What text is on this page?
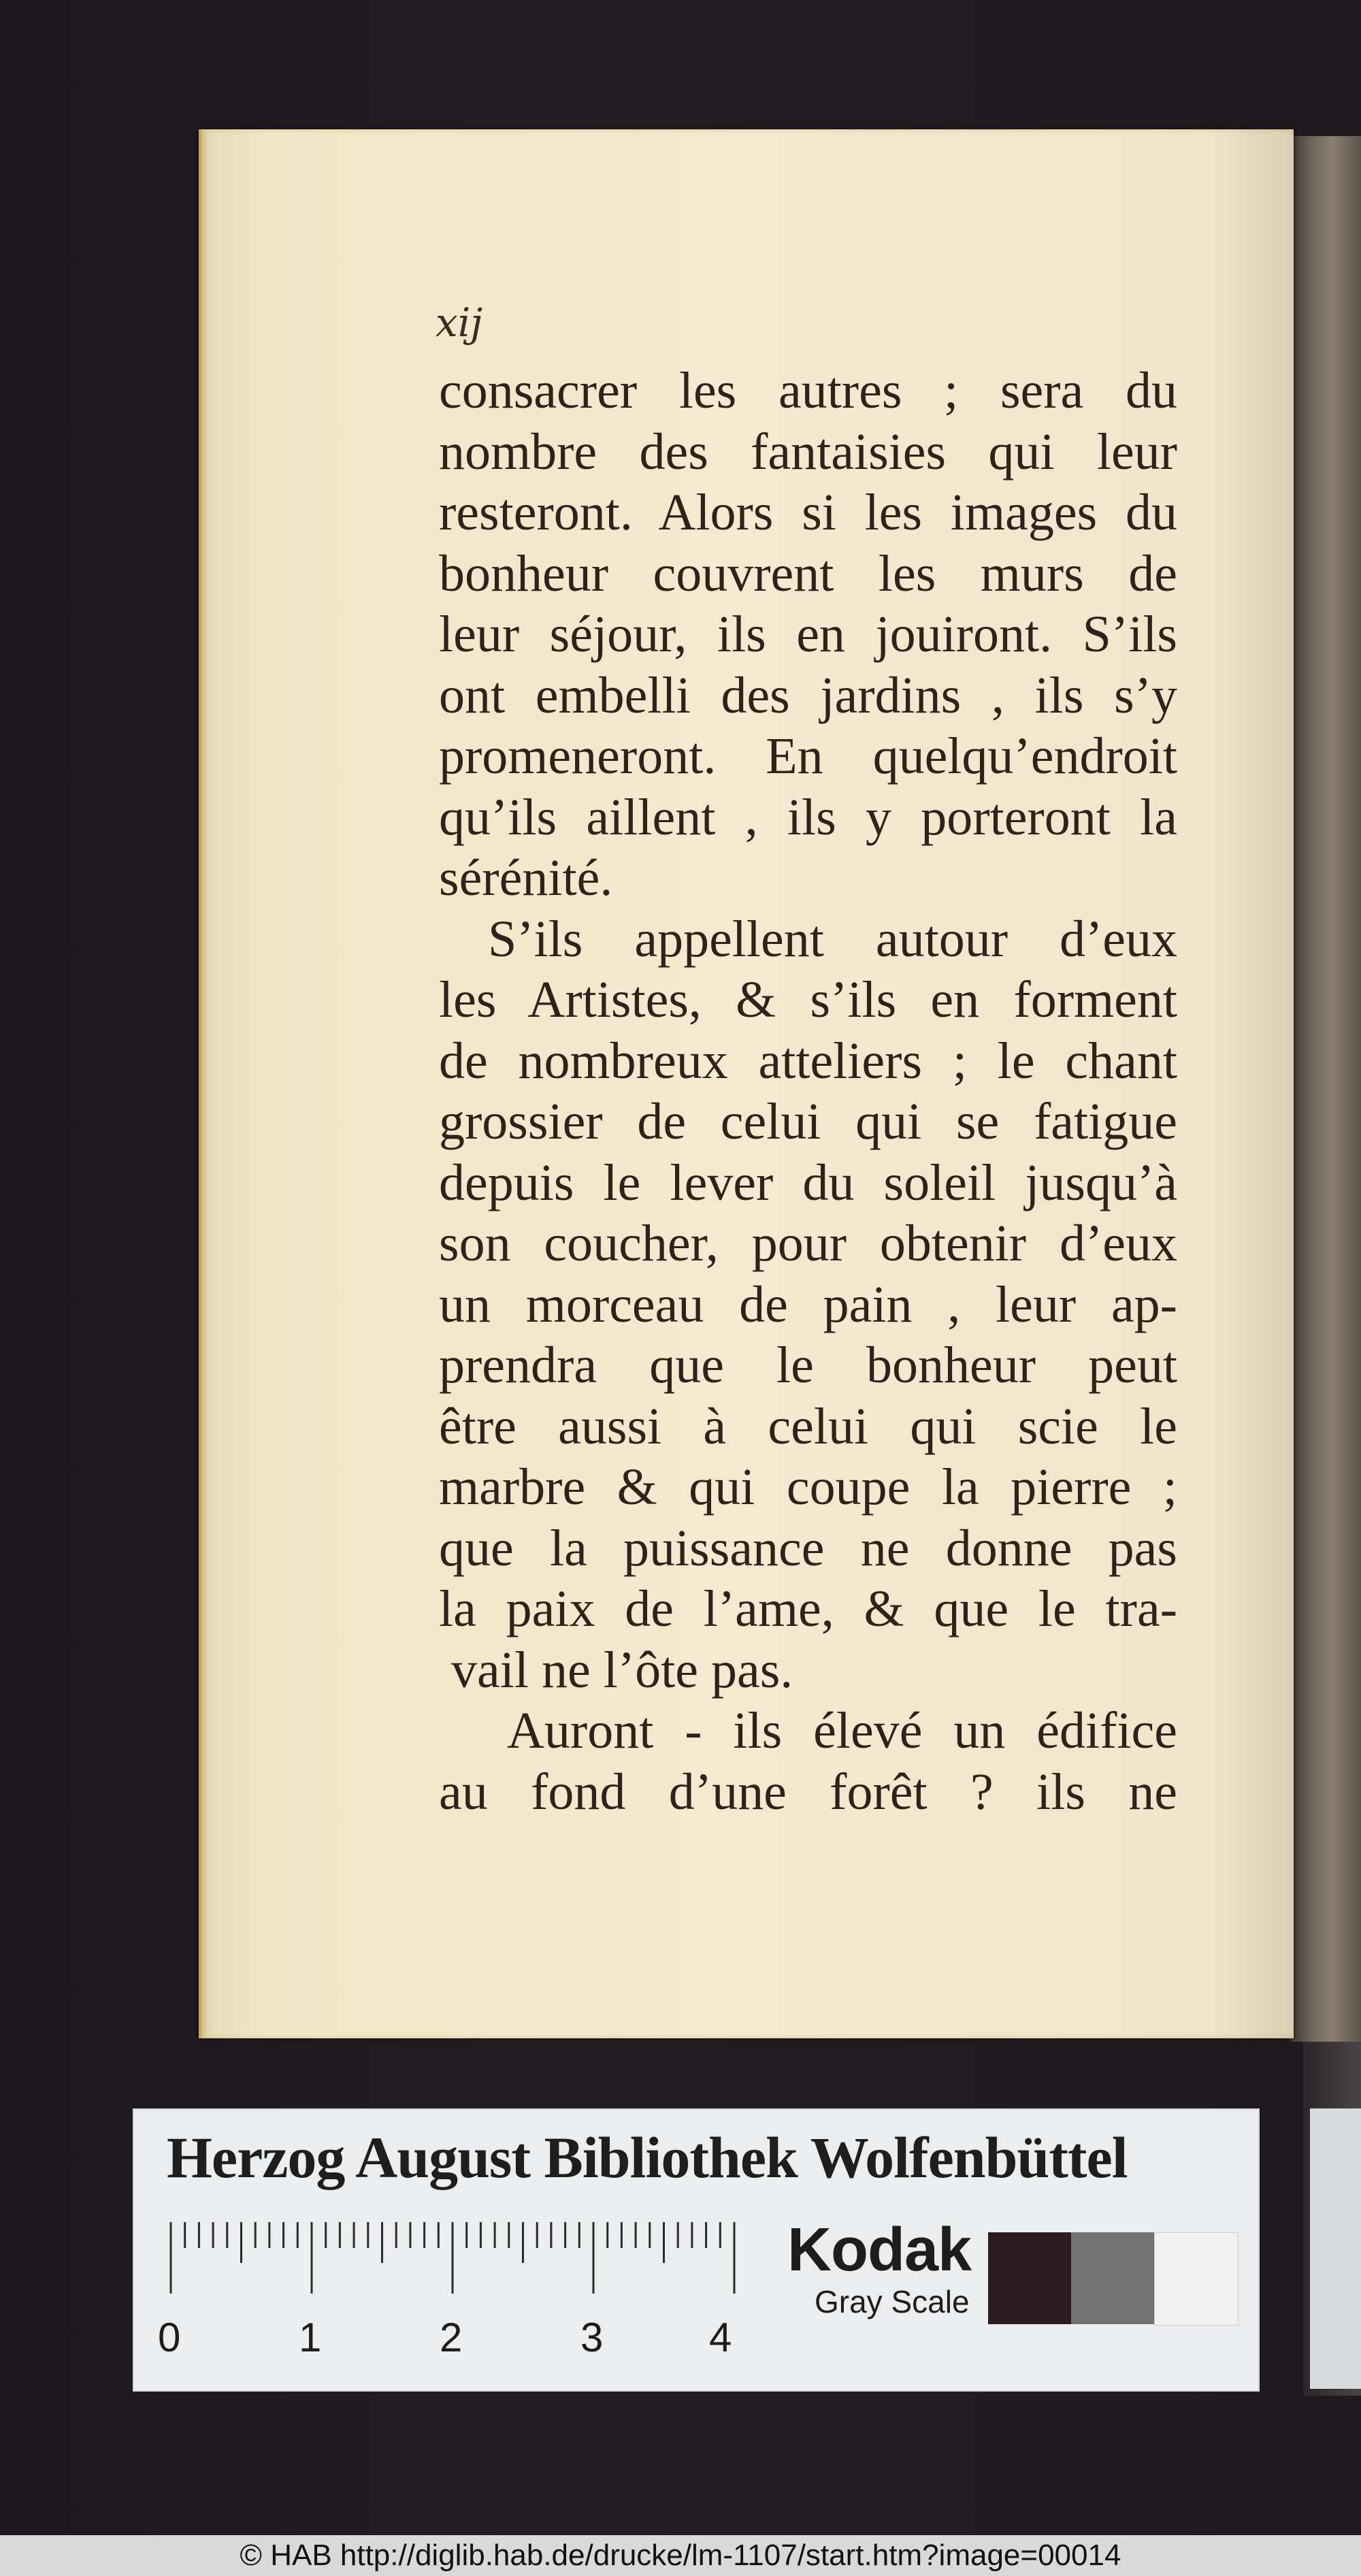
xij
consacrer les autres ; sera du
nombre des fantaisies qui leur
resteront. Alors si les images du
bonheur couvrent les murs de
leur séjour, ils en jouiront. S’ils
ont embelli des jardins , ils s’y
promeneront. En quelqu’endroit
qu’ils aillent , ils y porteront la
sérénité.
S’ils appellent autour d’eux
les Artistes, & s’ils en forment
de nombreux atteliers ; le chant
grossier de celui qui se fatigue
depuis le lever du soleil jusqu’à
son coucher, pour obtenir d’eux
un morceau de pain , leur ap-
prendra que le bonheur peut
être aussi à celui qui scie le
marbre & qui coupe la pierre ;
que la puissance ne donne pas
la paix de l’ame, & que le tra-
vail ne l’ôte pas.
Auront - ils élevé un édifice
au fond d’une forêt ? ils ne
Herzog August Bibliothek Wolfenbüttel
0	1	2	3	4
Kodak
Gray Scale
© HAB http://diglib.hab.de/drucke/lm-1107/start.htm?image=00014
